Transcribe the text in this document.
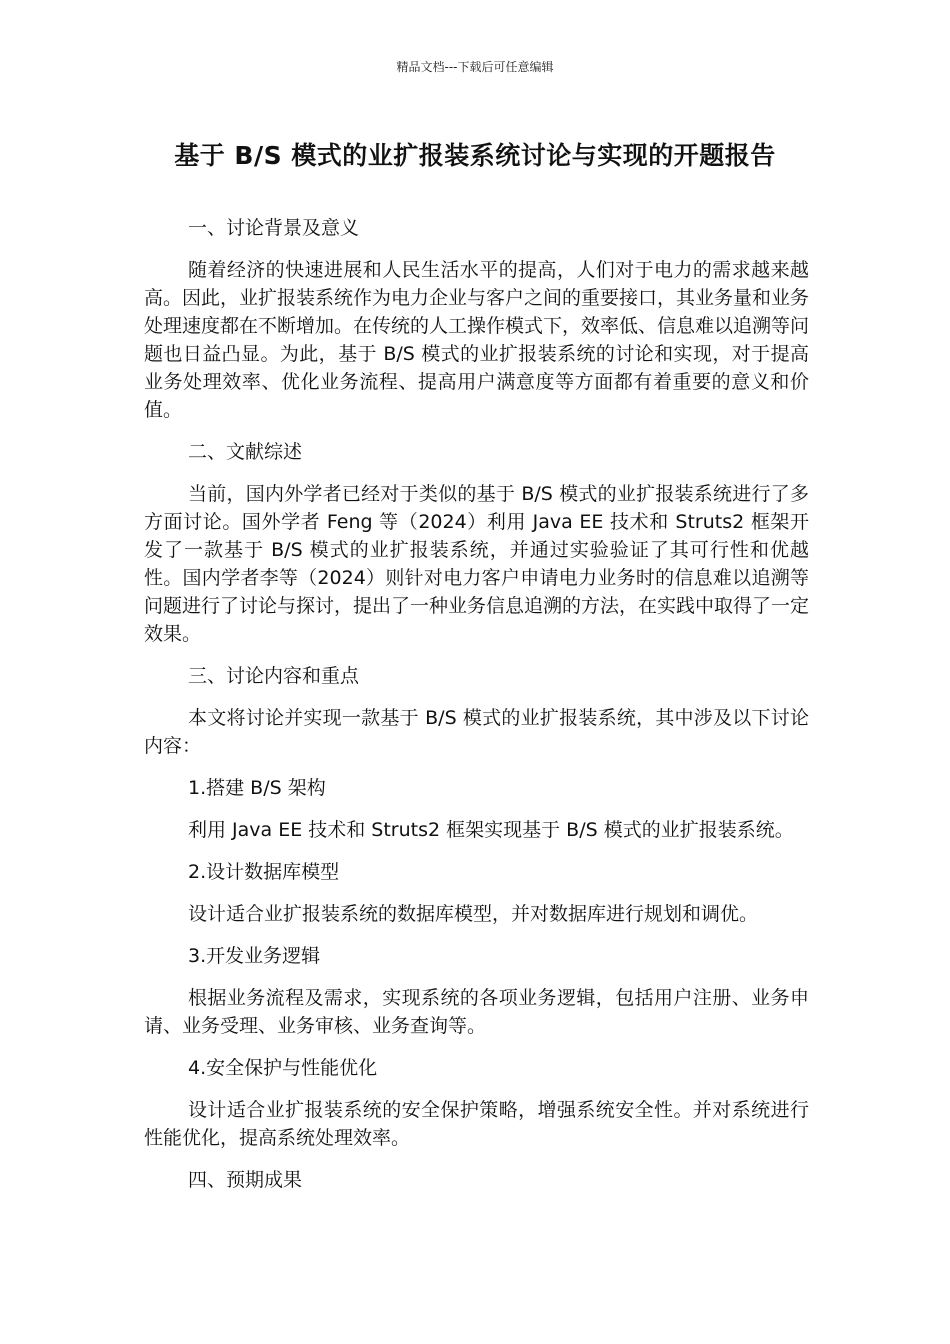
精品文档---下载后可任意编辑
基于 B/S 模式的业扩报装系统讨论与实现的开题报告
一、讨论背景及意义

随着经济的快速进展和人民生活水平的提高，人们对于电力的需求越来越高。因此，业扩报装系统作为电力企业与客户之间的重要接口，其业务量和业务处理速度都在不断增加。在传统的人工操作模式下，效率低、信息难以追溯等问题也日益凸显。为此，基于 B/S 模式的业扩报装系统的讨论和实现，对于提高业务处理效率、优化业务流程、提高用户满意度等方面都有着重要的意义和价值。

二、文献综述

当前，国内外学者已经对于类似的基于 B/S 模式的业扩报装系统进行了多方面讨论。国外学者 Feng 等（2024）利用 Java EE 技术和 Struts2 框架开发了一款基于 B/S 模式的业扩报装系统，并通过实验验证了其可行性和优越性。国内学者李等（2024）则针对电力客户申请电力业务时的信息难以追溯等问题进行了讨论与探讨，提出了一种业务信息追溯的方法，在实践中取得了一定效果。

三、讨论内容和重点

本文将讨论并实现一款基于 B/S 模式的业扩报装系统，其中涉及以下讨论内容：

1.搭建 B/S 架构

利用 Java EE 技术和 Struts2 框架实现基于 B/S 模式的业扩报装系统。

2.设计数据库模型

设计适合业扩报装系统的数据库模型，并对数据库进行规划和调优。

3.开发业务逻辑

根据业务流程及需求，实现系统的各项业务逻辑，包括用户注册、业务申请、业务受理、业务审核、业务查询等。

4.安全保护与性能优化

设计适合业扩报装系统的安全保护策略，增强系统安全性。并对系统进行性能优化，提高系统处理效率。

四、预期成果
